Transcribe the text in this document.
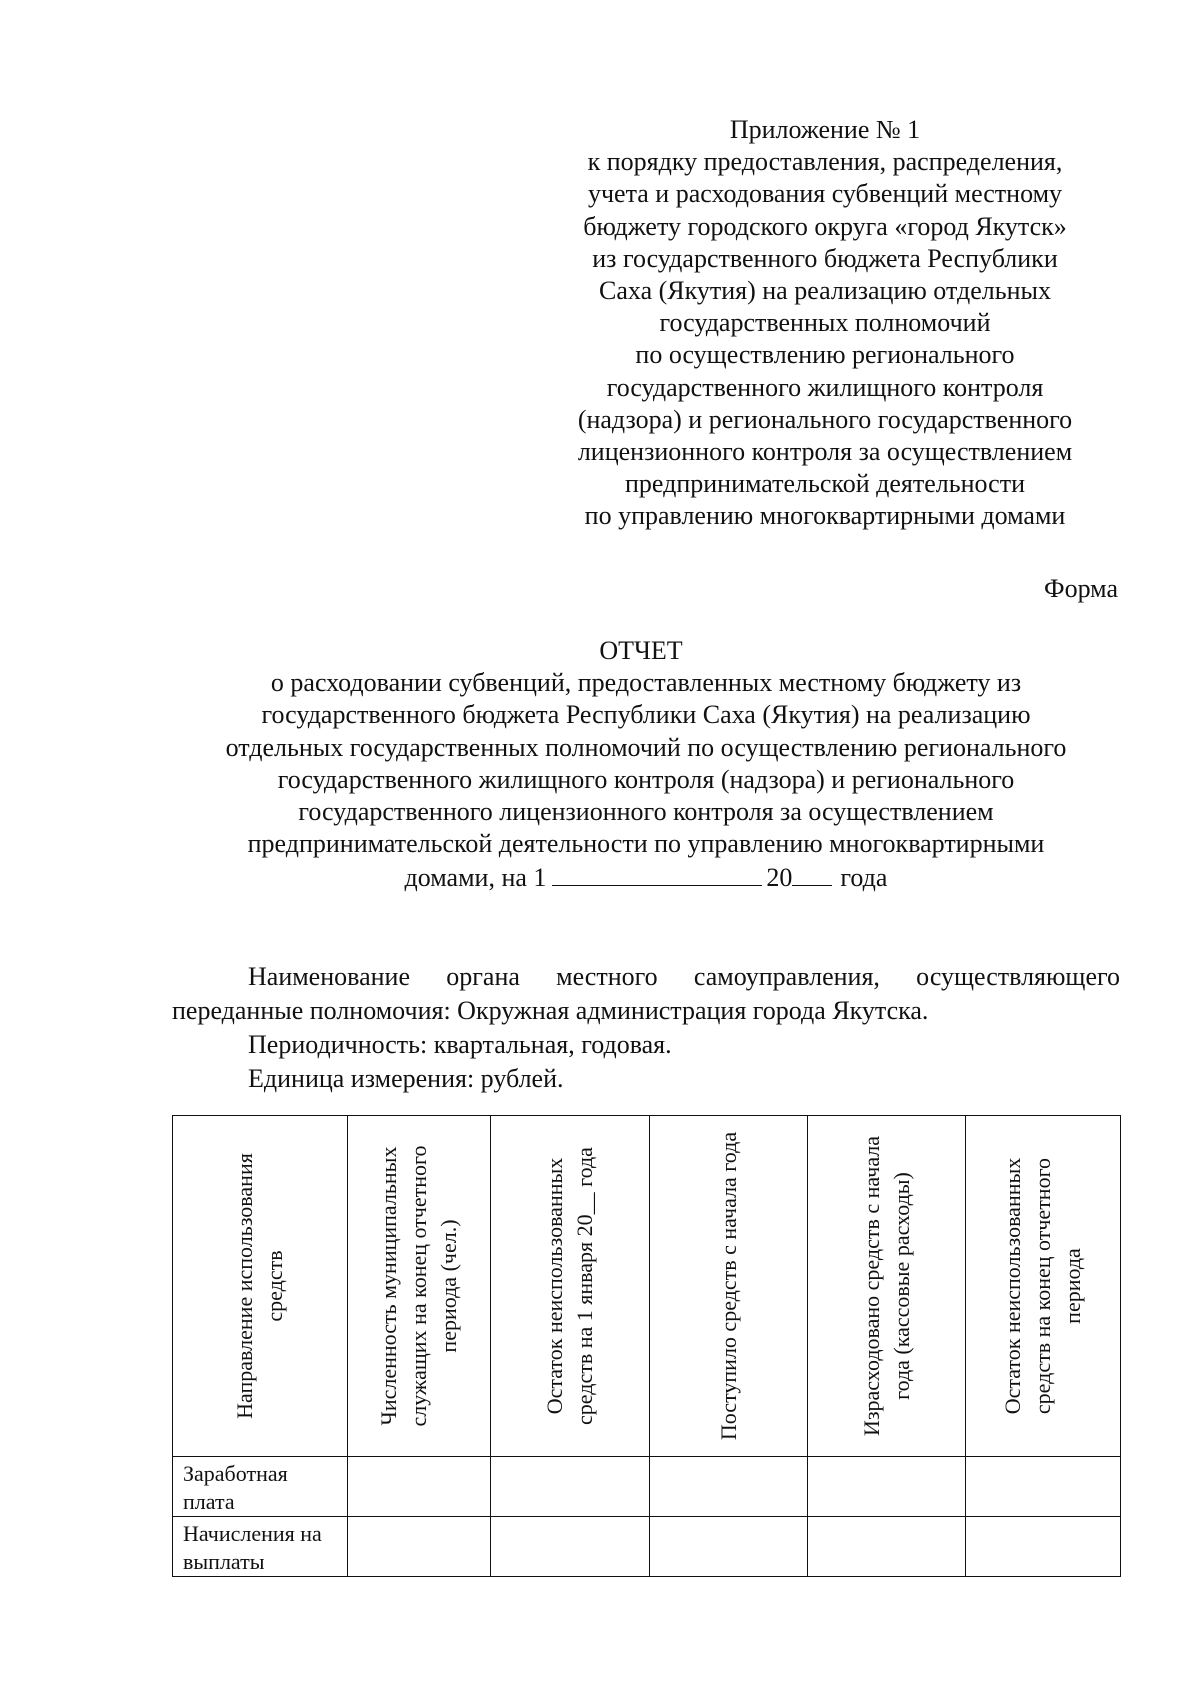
Приложение № 1
к порядку предоставления, распределения,
учета и расходования субвенций местному
бюджету городского округа «город Якутск»
из государственного бюджета Республики
Саха (Якутия) на реализацию отдельных
государственных полномочий
по осуществлению регионального
государственного жилищного контроля
(надзора) и регионального государственного
лицензионного контроля за осуществлением
предпринимательской деятельности
по управлению многоквартирными домами
Форма
ОТЧЕТ
о расходовании субвенций, предоставленных местному бюджету из
государственного бюджета Республики Саха (Якутия) на реализацию
отдельных государственных полномочий по осуществлению регионального
государственного жилищного контроля (надзора) и регионального
государственного лицензионного контроля за осуществлением
предпринимательской деятельности по управлению многоквартирными
домами, на 1	20 года
Наименование органа местного самоуправления, осуществляющего переданные полномочия: Окружная администрация города Якутска.
Периодичность: квартальная, годовая.
Единица измерения: рублей.
Направление использования средств	Численность муниципальных служащих на конец отчетного периода (чел.)	Остаток неиспользованных средств на 1 января 20__ года	Поступило средств с начала года	Израсходовано средств с начала года (кассовые расходы)	Остаток неиспользованных средств на конец отчетного периода

Заработная плата					
Начисления на выплаты					
